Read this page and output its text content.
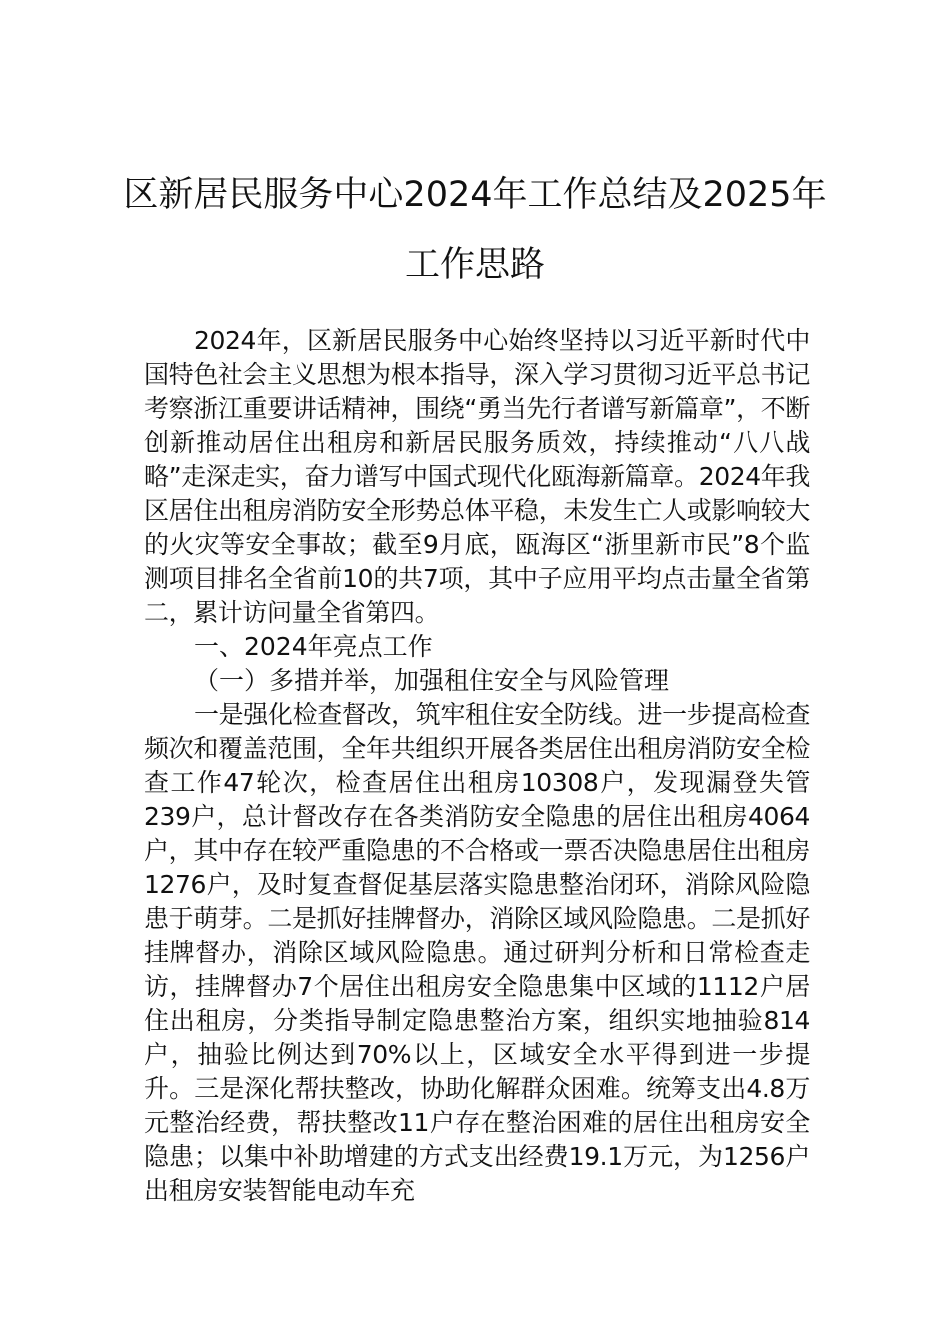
区新居民服务中心2024年工作总结及2025年工作思路

2024年，区新居民服务中心始终坚持以习近平新时代中国特色社会主义思想为根本指导，深入学习贯彻习近平总书记考察浙江重要讲话精神，围绕“勇当先行者谱写新篇章”，不断创新推动居住出租房和新居民服务质效，持续推动“八八战略”走深走实，奋力谱写中国式现代化瓯海新篇章。2024年我区居住出租房消防安全形势总体平稳，未发生亡人或影响较大的火灾等安全事故；截至9月底，瓯海区“浙里新市民”8个监测项目排名全省前10的共7项，其中子应用平均点击量全省第二，累计访问量全省第四。

一、2024年亮点工作

（一）多措并举，加强租住安全与风险管理

一是强化检查督改，筑牢租住安全防线。进一步提高检查频次和覆盖范围，全年共组织开展各类居住出租房消防安全检查工作47轮次，检查居住出租房10308户，发现漏登失管239户，总计督改存在各类消防安全隐患的居住出租房4064户，其中存在较严重隐患的不合格或一票否决隐患居住出租房1276户，及时复查督促基层落实隐患整治闭环，消除风险隐患于萌芽。二是抓好挂牌督办，消除区域风险隐患。二是抓好挂牌督办，消除区域风险隐患。通过研判分析和日常检查走访，挂牌督办7个居住出租房安全隐患集中区域的1112户居住出租房，分类指导制定隐患整治方案，组织实地抽验814户，抽验比例达到70%以上，区域安全水平得到进一步提升。三是深化帮扶整改，协助化解群众困难。统筹支出4.8万元整治经费，帮扶整改11户存在整治困难的居住出租房安全隐患；以集中补助增建的方式支出经费19.1万元，为1256户出租房安装智能电动车充
